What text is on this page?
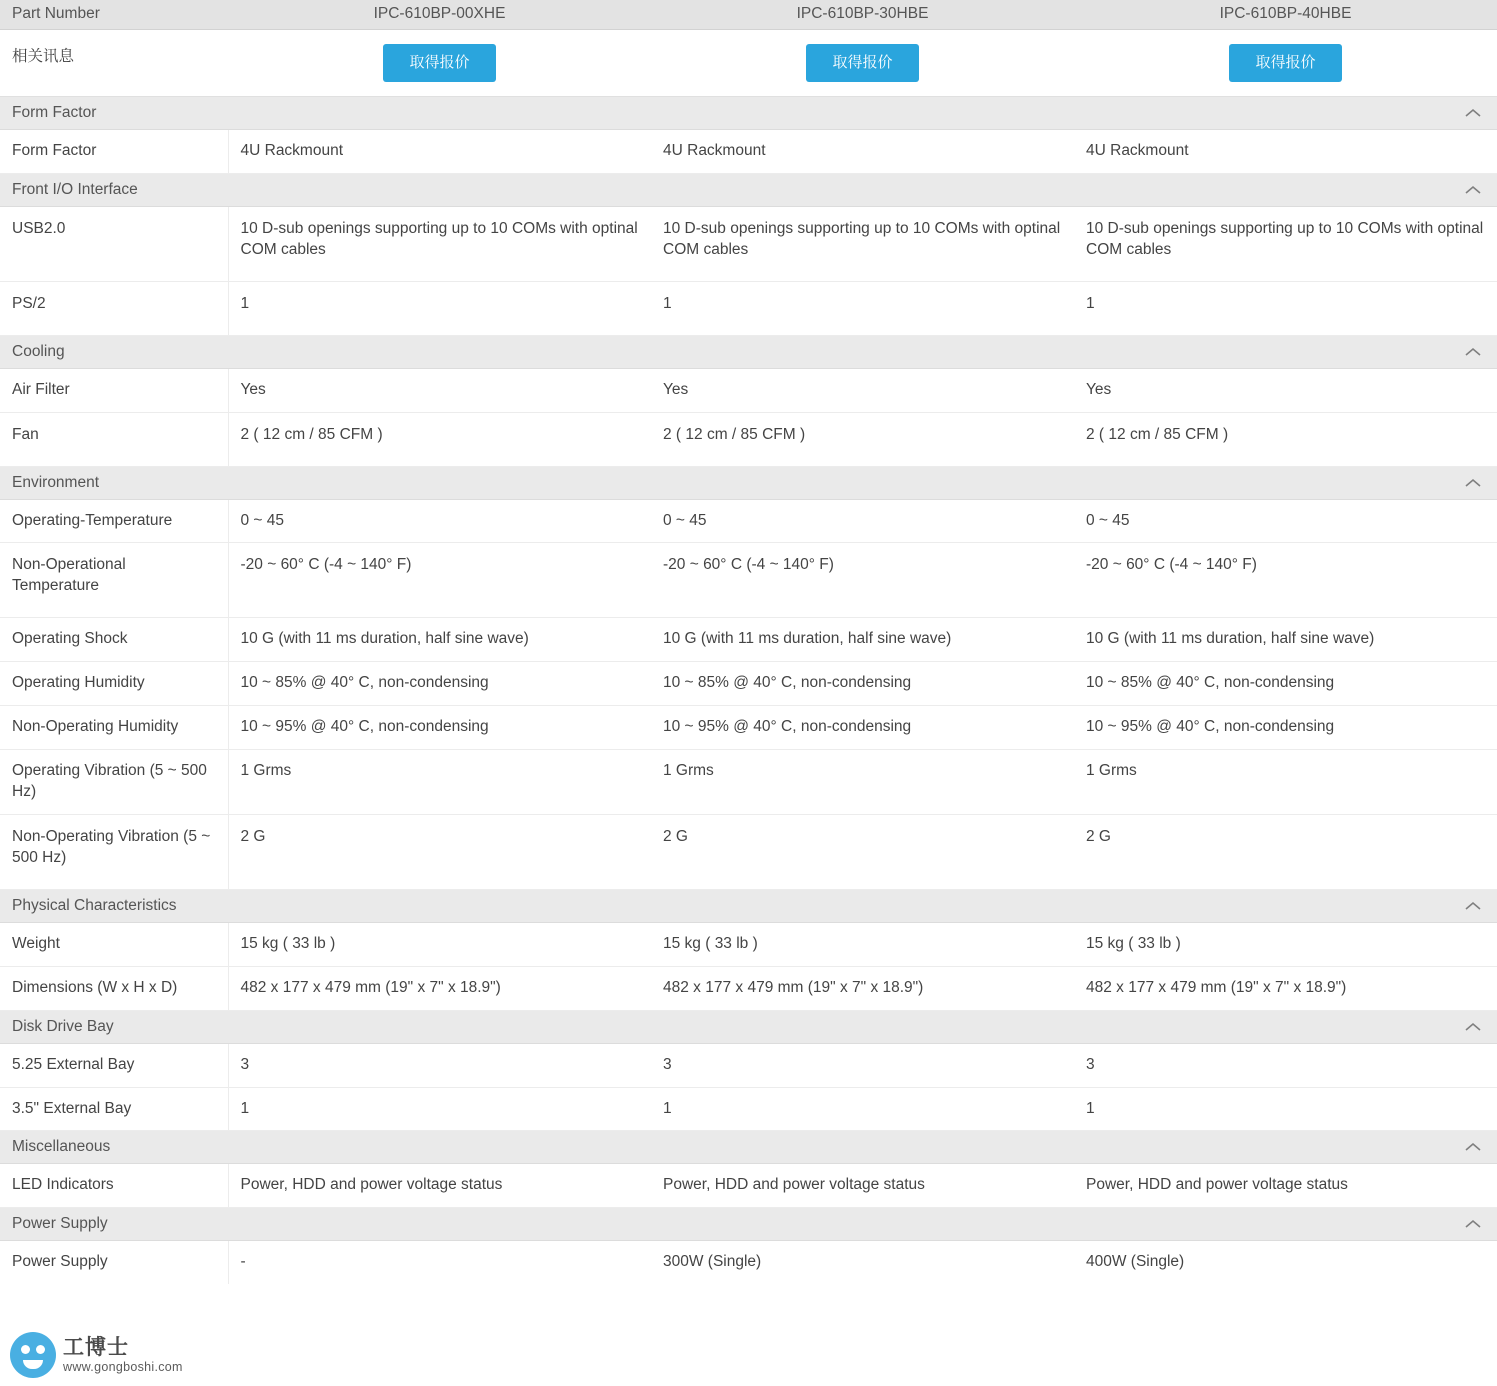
Part Number	IPC-610BP-00XHE	IPC-610BP-30HBE	IPC-610BP-40HBE
相关讯息	取得报价	取得报价	取得报价
Form Factor			

Form Factor	4U Rackmount	4U Rackmount	4U Rackmount
Front I/O Interface			

USB2.0	10 D-sub openings supporting up to 10 COMs with optinal COM cables	10 D-sub openings supporting up to 10 COMs with optinal COM cables	10 D-sub openings supporting up to 10 COMs with optinal COM cables
PS/2	1	1	1
Cooling			

Air Filter	Yes	Yes	Yes
Fan	2 ( 12 cm / 85 CFM )	2 ( 12 cm / 85 CFM )	2 ( 12 cm / 85 CFM )
Environment			

Operating-Temperature	0 ~ 45	0 ~ 45	0 ~ 45
Non-Operational Temperature	-20 ~ 60° C (-4 ~ 140° F)	-20 ~ 60° C (-4 ~ 140° F)	-20 ~ 60° C (-4 ~ 140° F)
Operating Shock	10 G (with 11 ms duration, half sine wave)	10 G (with 11 ms duration, half sine wave)	10 G (with 11 ms duration, half sine wave)
Operating Humidity	10 ~ 85% @ 40° C, non-condensing	10 ~ 85% @ 40° C, non-condensing	10 ~ 85% @ 40° C, non-condensing
Non-Operating Humidity	10 ~ 95% @ 40° C, non-condensing	10 ~ 95% @ 40° C, non-condensing	10 ~ 95% @ 40° C, non-condensing
Operating Vibration (5 ~ 500 Hz)	1 Grms	1 Grms	1 Grms
Non-Operating Vibration (5 ~ 500 Hz)	2 G	2 G	2 G
Physical Characteristics			

Weight	15 kg ( 33 lb )	15 kg ( 33 lb )	15 kg ( 33 lb )
Dimensions (W x H x D)	482 x 177 x 479 mm (19" x 7" x 18.9")	482 x 177 x 479 mm (19" x 7" x 18.9")	482 x 177 x 479 mm (19" x 7" x 18.9")
Disk Drive Bay			

5.25 External Bay	3	3	3
3.5" External Bay	1	1	1
Miscellaneous			

LED Indicators	Power, HDD and power voltage status	Power, HDD and power voltage status	Power, HDD and power voltage status
Power Supply			

Power Supply	-	300W (Single)	400W (Single)
工博士
www.gongboshi.com
